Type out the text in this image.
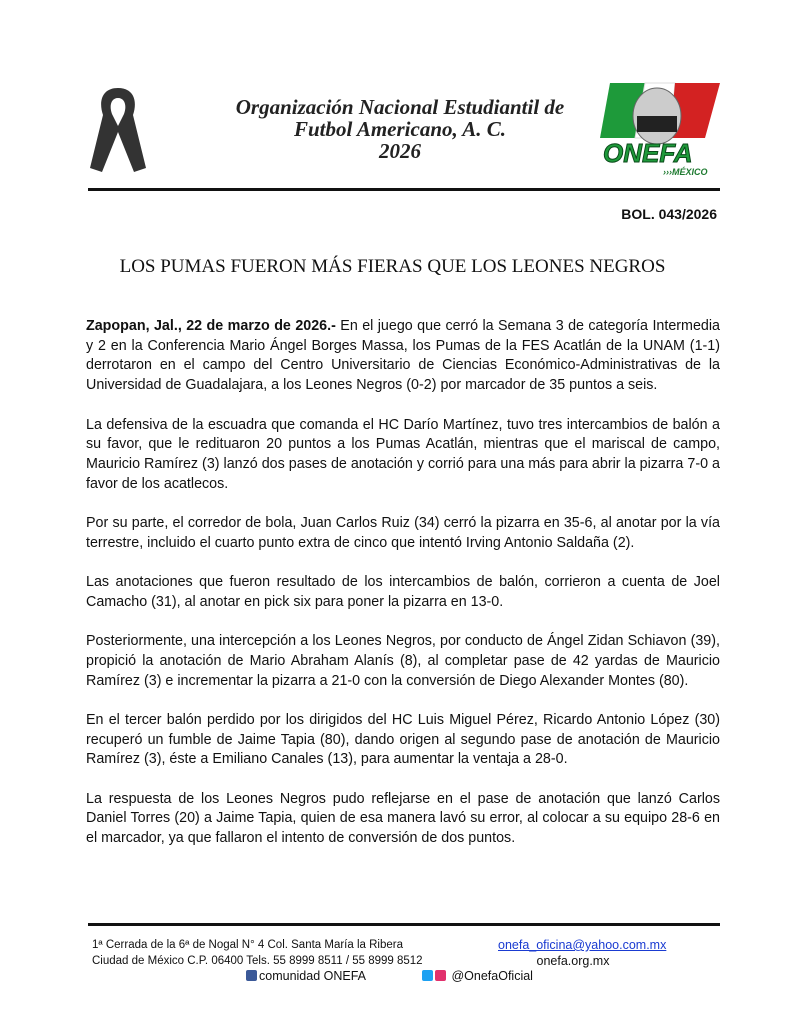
Organización Nacional Estudiantil de
Futbol Americano, A. C.
2026	ONEFA
›››MÉXICO
BOL. 043/2026
LOS PUMAS FUERON MÁS FIERAS QUE LOS LEONES NEGROS

Zapopan, Jal., 22 de marzo de 2026.- En el juego que cerró la Semana 3 de categoría Intermedia y 2 en la Conferencia Mario Ángel Borges Massa, los Pumas de la FES Acatlán de la UNAM (1-1) derrotaron en el campo del Centro Universitario de Ciencias Económico-Administrativas de la Universidad de Guadalajara, a los Leones Negros (0-2) por marcador de 35 puntos a seis.

La defensiva de la escuadra que comanda el HC Darío Martínez, tuvo tres intercambios de balón a su favor, que le redituaron 20 puntos a los Pumas Acatlán, mientras que el mariscal de campo, Mauricio Ramírez (3) lanzó dos pases de anotación y corrió para una más para abrir la pizarra 7-0 a favor de los acatlecos.

Por su parte, el corredor de bola, Juan Carlos Ruiz (34) cerró la pizarra en 35-6, al anotar por la vía terrestre, incluido el cuarto punto extra de cinco que intentó Irving Antonio Saldaña (2).

Las anotaciones que fueron resultado de los intercambios de balón, corrieron a cuenta de Joel Camacho (31), al anotar en pick six para poner la pizarra en 13-0.

Posteriormente, una intercepción a los Leones Negros, por conducto de Ángel Zidan Schiavon (39), propició la anotación de Mario Abraham Alanís (8), al completar pase de 42 yardas de Mauricio Ramírez (3) e incrementar la pizarra a 21-0 con la conversión de Diego Alexander Montes (80).

En el tercer balón perdido por los dirigidos del HC Luis Miguel Pérez, Ricardo Antonio López (30) recuperó un fumble de Jaime Tapia (80), dando origen al segundo pase de anotación de Mauricio Ramírez (3), éste a Emiliano Canales (13), para aumentar la ventaja a 28-0.

La respuesta de los Leones Negros pudo reflejarse en el pase de anotación que lanzó Carlos Daniel Torres (20) a Jaime Tapia, quien de esa manera lavó su error, al colocar a su equipo 28-6 en el marcador, ya que fallaron el intento de conversión de dos puntos.

1ª Cerrada de la 6ª de Nogal N° 4 Col. Santa María la Ribera
Ciudad de México C.P. 06400 Tels. 55 8999 8511 / 55 8999 8512
onefa_oficina@yahoo.com.mx
onefa.org.mx
comunidad ONEFA	@OnefaOficial
